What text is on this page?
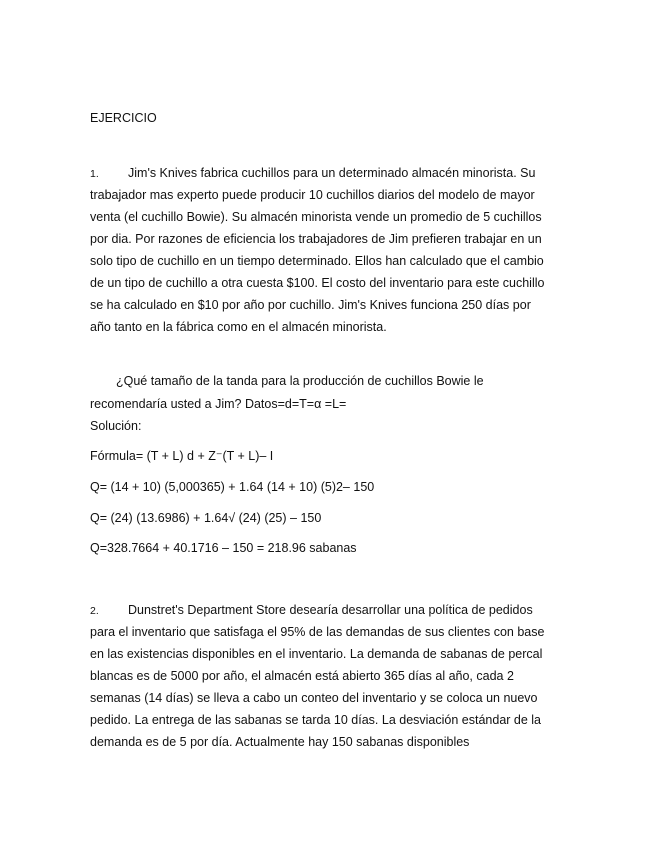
EJERCICIO
1. Jim's Knives fabrica cuchillos para un determinado almacén minorista. Su
trabajador mas experto puede producir 10 cuchillos diarios del modelo de mayor
venta (el cuchillo Bowie). Su almacén minorista vende un promedio de 5 cuchillos
por dia. Por razones de eficiencia los trabajadores de Jim prefieren trabajar en un
solo tipo de cuchillo en un tiempo determinado. Ellos han calculado que el cambio
de un tipo de cuchillo a otra cuesta $100. El costo del inventario para este cuchillo
se ha calculado en $10 por año por cuchillo. Jim's Knives funciona 250 días por
año tanto en la fábrica como en el almacén minorista.
¿Qué tamaño de la tanda para la producción de cuchillos Bowie le
recomendaría usted a Jim? Datos=d=T=α =L=
Solución:
Fórmula= (T + L) d + Z⁻(T + L)– I
Q= (14 + 10) (5,000365) + 1.64 (14 + 10) (5)2– 150
Q= (24) (13.6986) + 1.64√ (24) (25) – 150
Q=328.7664 + 40.1716 – 150 = 218.96 sabanas
2. Dunstret's Department Store desearía desarrollar una política de pedidos
para el inventario que satisfaga el 95% de las demandas de sus clientes con base
en las existencias disponibles en el inventario. La demanda de sabanas de percal
blancas es de 5000 por año, el almacén está abierto 365 días al año, cada 2
semanas (14 días) se lleva a cabo un conteo del inventario y se coloca un nuevo
pedido. La entrega de las sabanas se tarda 10 días. La desviación estándar de la
demanda es de 5 por día. Actualmente hay 150 sabanas disponibles
